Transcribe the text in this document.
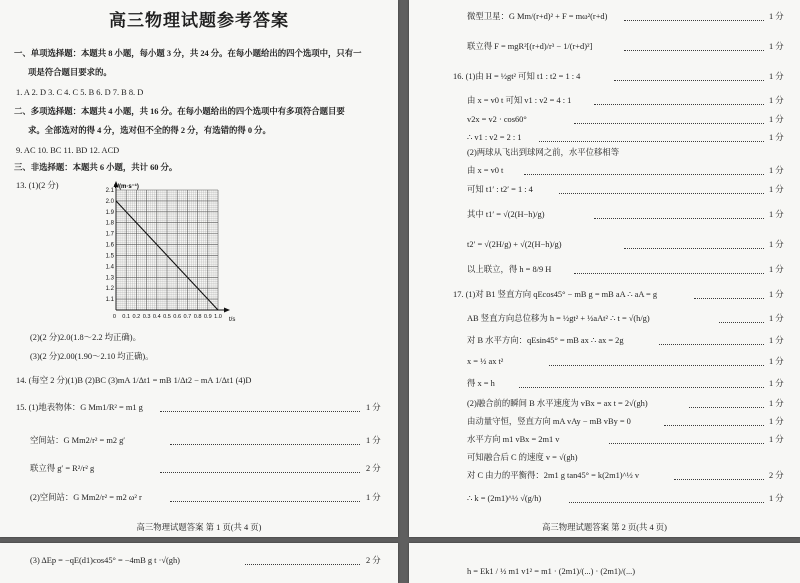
高三物理试题参考答案
一、单项选择题：本题共 8 小题，每小题 3 分，共 24 分。在每小题给出的四个选项中，只有一
项是符合题目要求的。
1. A 2. D 3. C 4. C 5. B 6. D 7. B 8. D
二、多项选择题：本题共 4 小题，共 16 分。在每小题给出的四个选项中有多项符合题目要
求。全部选对的得 4 分，选对但不全的得 2 分，有选错的得 0 分。
9. AC 10. BC 11. BD 12. ACD
三、非选择题：本题共 6 小题，共计 60 分。
13. (1)(2 分)
1.1
1.2
1.3
1.4
1.5
1.6
1.7
1.8
1.9
2.0
2.1
0 0.1 0.2 0.3 0.4 0.5 0.6 0.7 0.8 0.9 1.0
v/(m·s⁻¹)
t/s
(2)(2 分)2.0(1.8～2.2 均正确)。
(3)(2 分)2.00(1.90～2.10 均正确)。
14. (每空 2 分)(1)B (2)BC (3)mA 1/Δt1 = mB 1/Δt2 − mA 1/Δt1 (4)D
15. (1)地表物体：G Mm1/R² = m1 g	1 分
空间站：G Mm2/r² = m2 g′	1 分
联立得 g′ = R²/r² g	2 分
(2)空间站：G Mm2/r² = m2 ω² r	1 分
高三物理试题答案 第 1 页(共 4 页)
微型卫星：G Mm/(r+d)² + F = mω²(r+d)	1 分
联立得 F = mgR²[(r+d)/r³ − 1/(r+d)²]	1 分
16. (1)由 H = ½gt² 可知 t1 : t2 = 1 : 4	1 分
由 x = v0 t 可知 v1 : v2 = 4 : 1	1 分
v2x = v2 · cos60°	1 分
∴ v1 : v2 = 2 : 1	1 分
(2)两球从飞出到球网之前，水平位移相等
由 x = v0 t	1 分
可知 t1′ : t2′ = 1 : 4	1 分
其中 t1′ = √(2(H−h)/g)	1 分
t2′ = √(2H/g) + √(2(H−h)/g)	1 分
以上联立，得 h = 8/9 H	1 分
17. (1)对 B1 竖直方向 qEcos45° − mB g = mB aA ∴ aA = g	1 分
AB 竖直方向总位移为 h = ½gt² + ½aAt² ∴ t = √(h/g)	1 分
对 B 水平方向：qEsin45° = mB ax ∴ ax = 2g	1 分
x = ½ ax t²	1 分
得 x = h	1 分
(2)融合前的瞬间 B 水平速度为 vBx = ax t = 2√(gh)	1 分
由动量守恒，竖直方向 mA vAy − mB vBy = 0	1 分
水平方向 m1 vBx = 2m1 v	1 分
可知融合后 C 的速度 v = √(gh)
对 C 由力的平衡得：2m1 g tan45° = k(2m1)^½ v	2 分
∴ k = (2m1)^½ √(g/h)	1 分
高三物理试题答案 第 2 页(共 4 页)
(3) ΔEp = −qE(d1)cos45° = −4mB g t ·√(gh)	2 分
h = Ek1 / ½ m1 v1² = m1 · (2m1)/(...) · (2m1)/(...)
